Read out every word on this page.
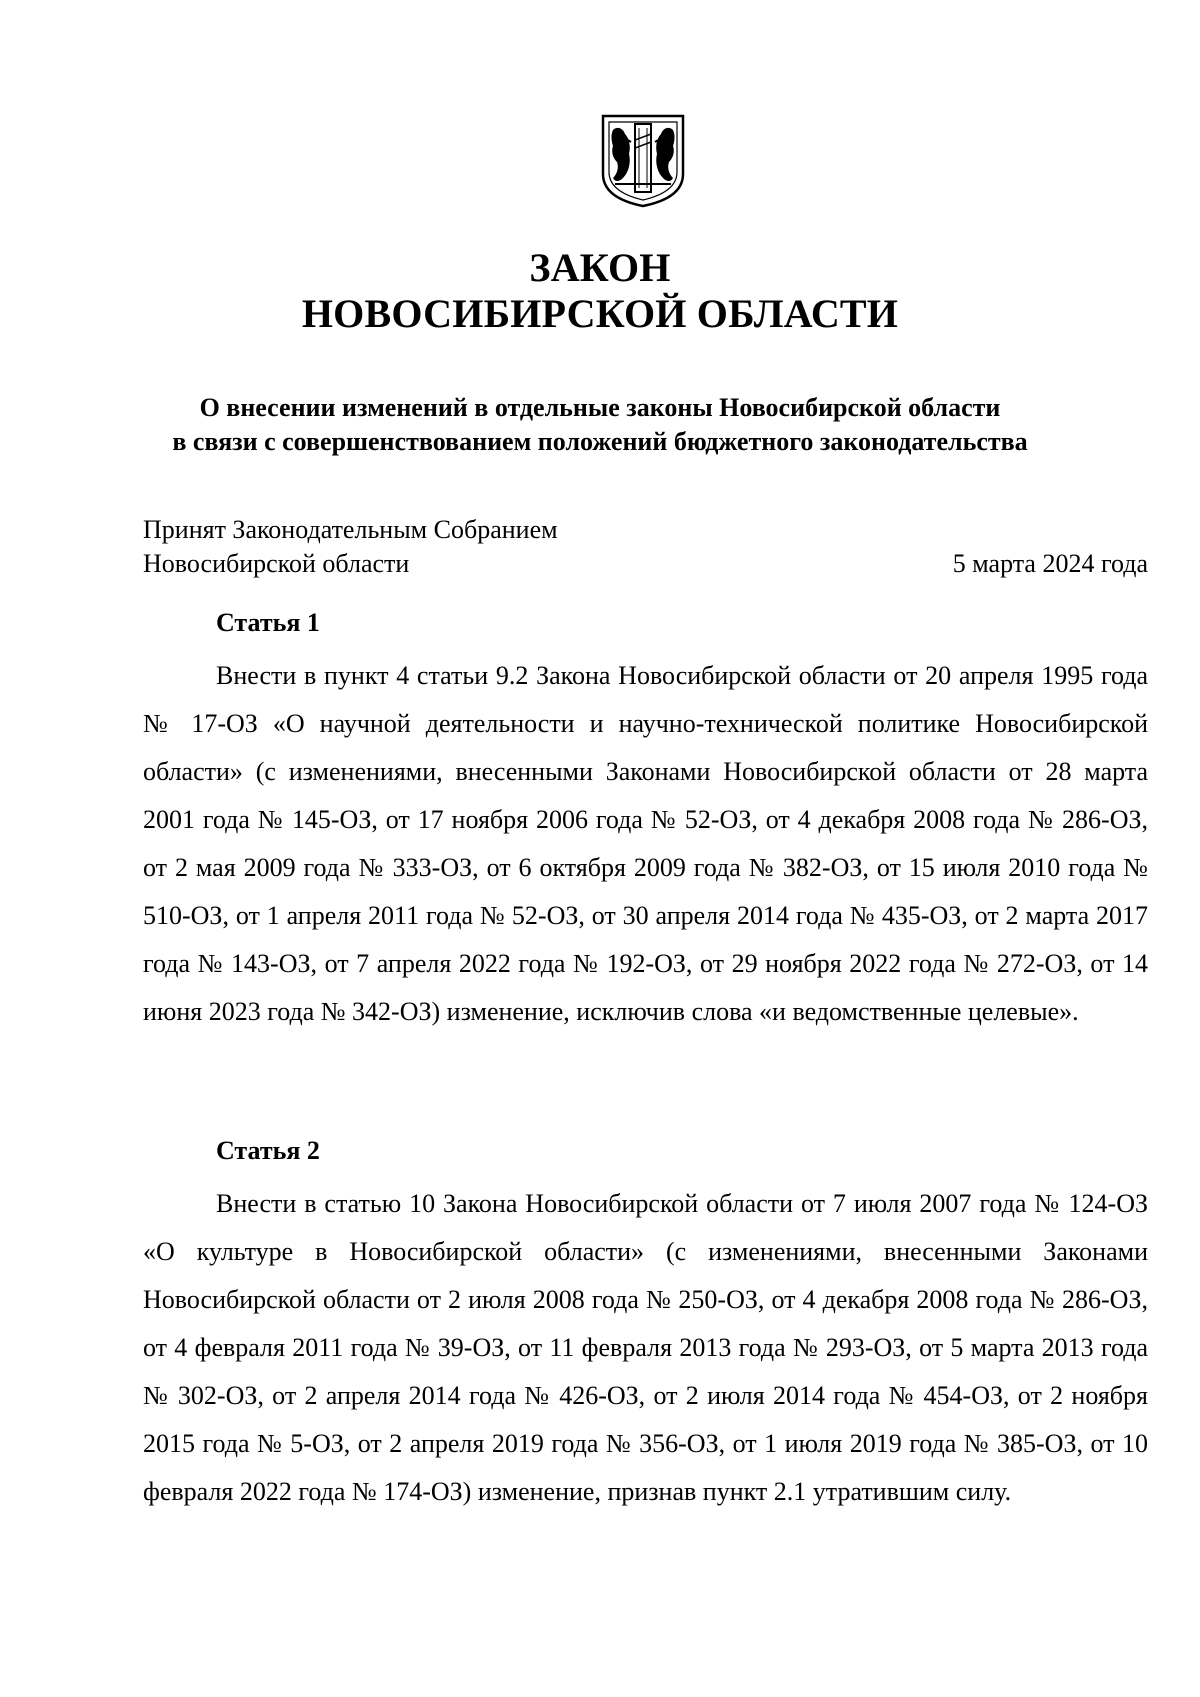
ЗАКОН
НОВОСИБИРСКОЙ ОБЛАСТИ
О внесении изменений в отдельные законы Новосибирской области
в связи с совершенствованием положений бюджетного законодательства
Принят Законодательным Собранием
Новосибирской области	5 марта 2024 года
Статья 1

Внести в пункт 4 статьи 9.2 Закона Новосибирской области от 20 апреля 1995 года № 17-ОЗ «О научной деятельности и научно-технической политике Новосибирской области» (с изменениями, внесенными Законами Новосибирской области от 28 марта 2001 года № 145-ОЗ, от 17 ноября 2006 года № 52-ОЗ, от 4 декабря 2008 года № 286-ОЗ, от 2 мая 2009 года № 333-ОЗ, от 6 октября 2009 года № 382-ОЗ, от 15 июля 2010 года № 510-ОЗ, от 1 апреля 2011 года № 52-ОЗ, от 30 апреля 2014 года № 435-ОЗ, от 2 марта 2017 года № 143-ОЗ, от 7 апреля 2022 года № 192-ОЗ, от 29 ноября 2022 года № 272-ОЗ, от 14 июня 2023 года № 342-ОЗ) изменение, исключив слова «и ведомственные целевые».

Статья 2

Внести в статью 10 Закона Новосибирской области от 7 июля 2007 года № 124-ОЗ «О культуре в Новосибирской области» (с изменениями, внесенными Законами Новосибирской области от 2 июля 2008 года № 250-ОЗ, от 4 декабря 2008 года № 286-ОЗ, от 4 февраля 2011 года № 39-ОЗ, от 11 февраля 2013 года № 293-ОЗ, от 5 марта 2013 года № 302-ОЗ, от 2 апреля 2014 года № 426-ОЗ, от 2 июля 2014 года № 454-ОЗ, от 2 ноября 2015 года № 5-ОЗ, от 2 апреля 2019 года № 356-ОЗ, от 1 июля 2019 года № 385-ОЗ, от 10 февраля 2022 года № 174-ОЗ) изменение, признав пункт 2.1 утратившим силу.
